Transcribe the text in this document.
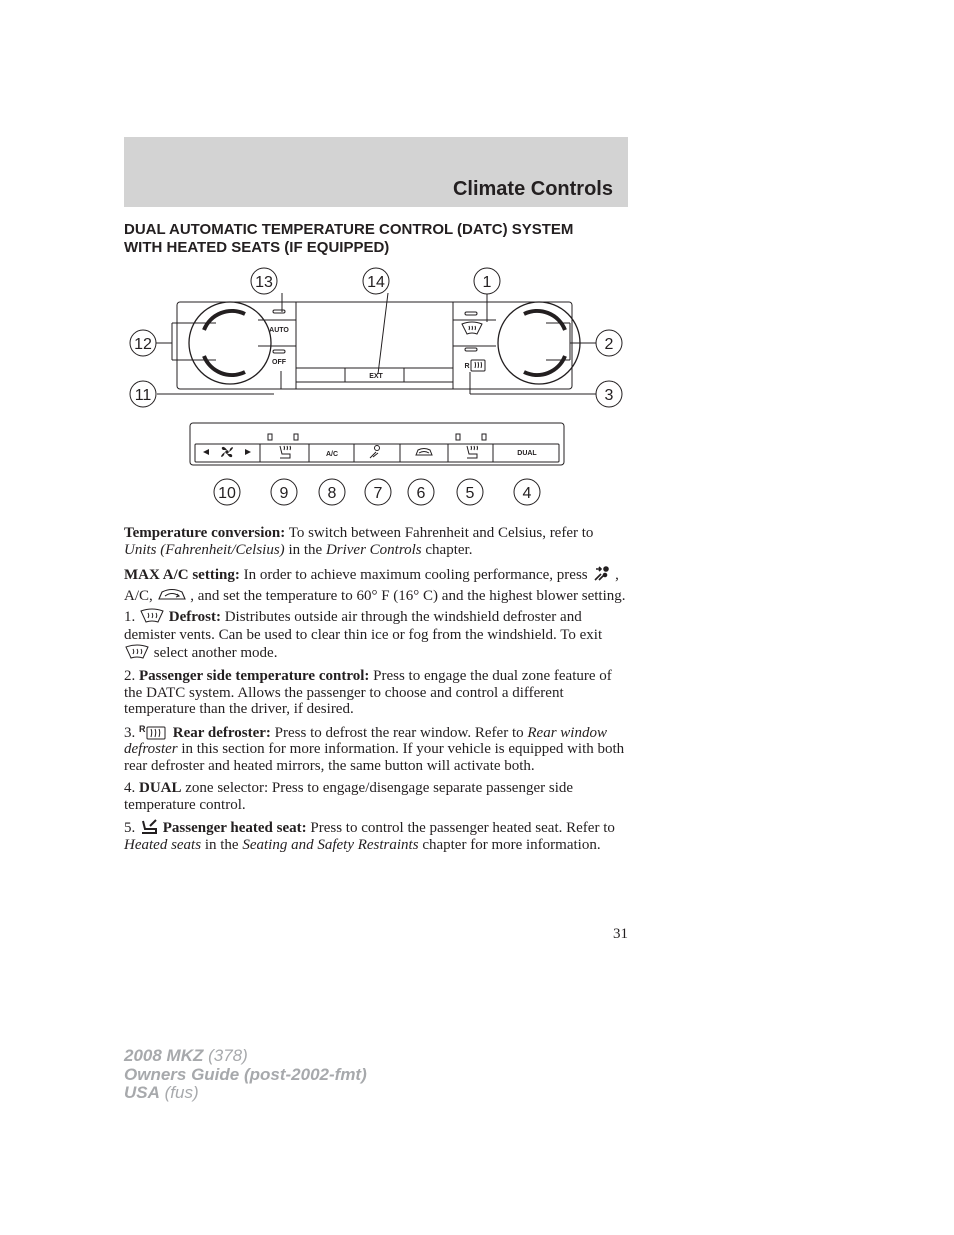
Climate Controls
DUAL AUTOMATIC TEMPERATURE CONTROL (DATC) SYSTEM
WITH HEATED SEATS (IF EQUIPPED)
AUTO
OFF
EXT
A/C	DUAL
R
1
2
3
4
5
6
7
8
9
10
11
12
13	14

Temperature conversion: To switch between Fahrenheit and Celsius, refer to Units (Fahrenheit/Celsius) in the Driver Controls chapter.

MAX A/C setting: In order to achieve maximum cooling performance, press  , A/C,  , and set the temperature to 60° F (16° C) and the highest blower setting.

1.  Defrost: Distributes outside air through the windshield defroster and demister vents. Can be used to clear thin ice or fog from the windshield. To exit  select another mode.

2. Passenger side temperature control: Press to engage the dual zone feature of the DATC system. Allows the passenger to choose and control a different temperature than the driver, if desired.

3. R Rear defroster: Press to defrost the rear window. Refer to Rear window defroster in this section for more information. If your vehicle is equipped with both rear defroster and heated mirrors, the same button will activate both.

4. DUAL zone selector: Press to engage/disengage separate passenger side temperature control.

5.  Passenger heated seat: Press to control the passenger heated seat. Refer to Heated seats in the Seating and Safety Restraints chapter for more information.

31
2008 MKZ (378)
Owners Guide (post-2002-fmt)
USA (fus)
